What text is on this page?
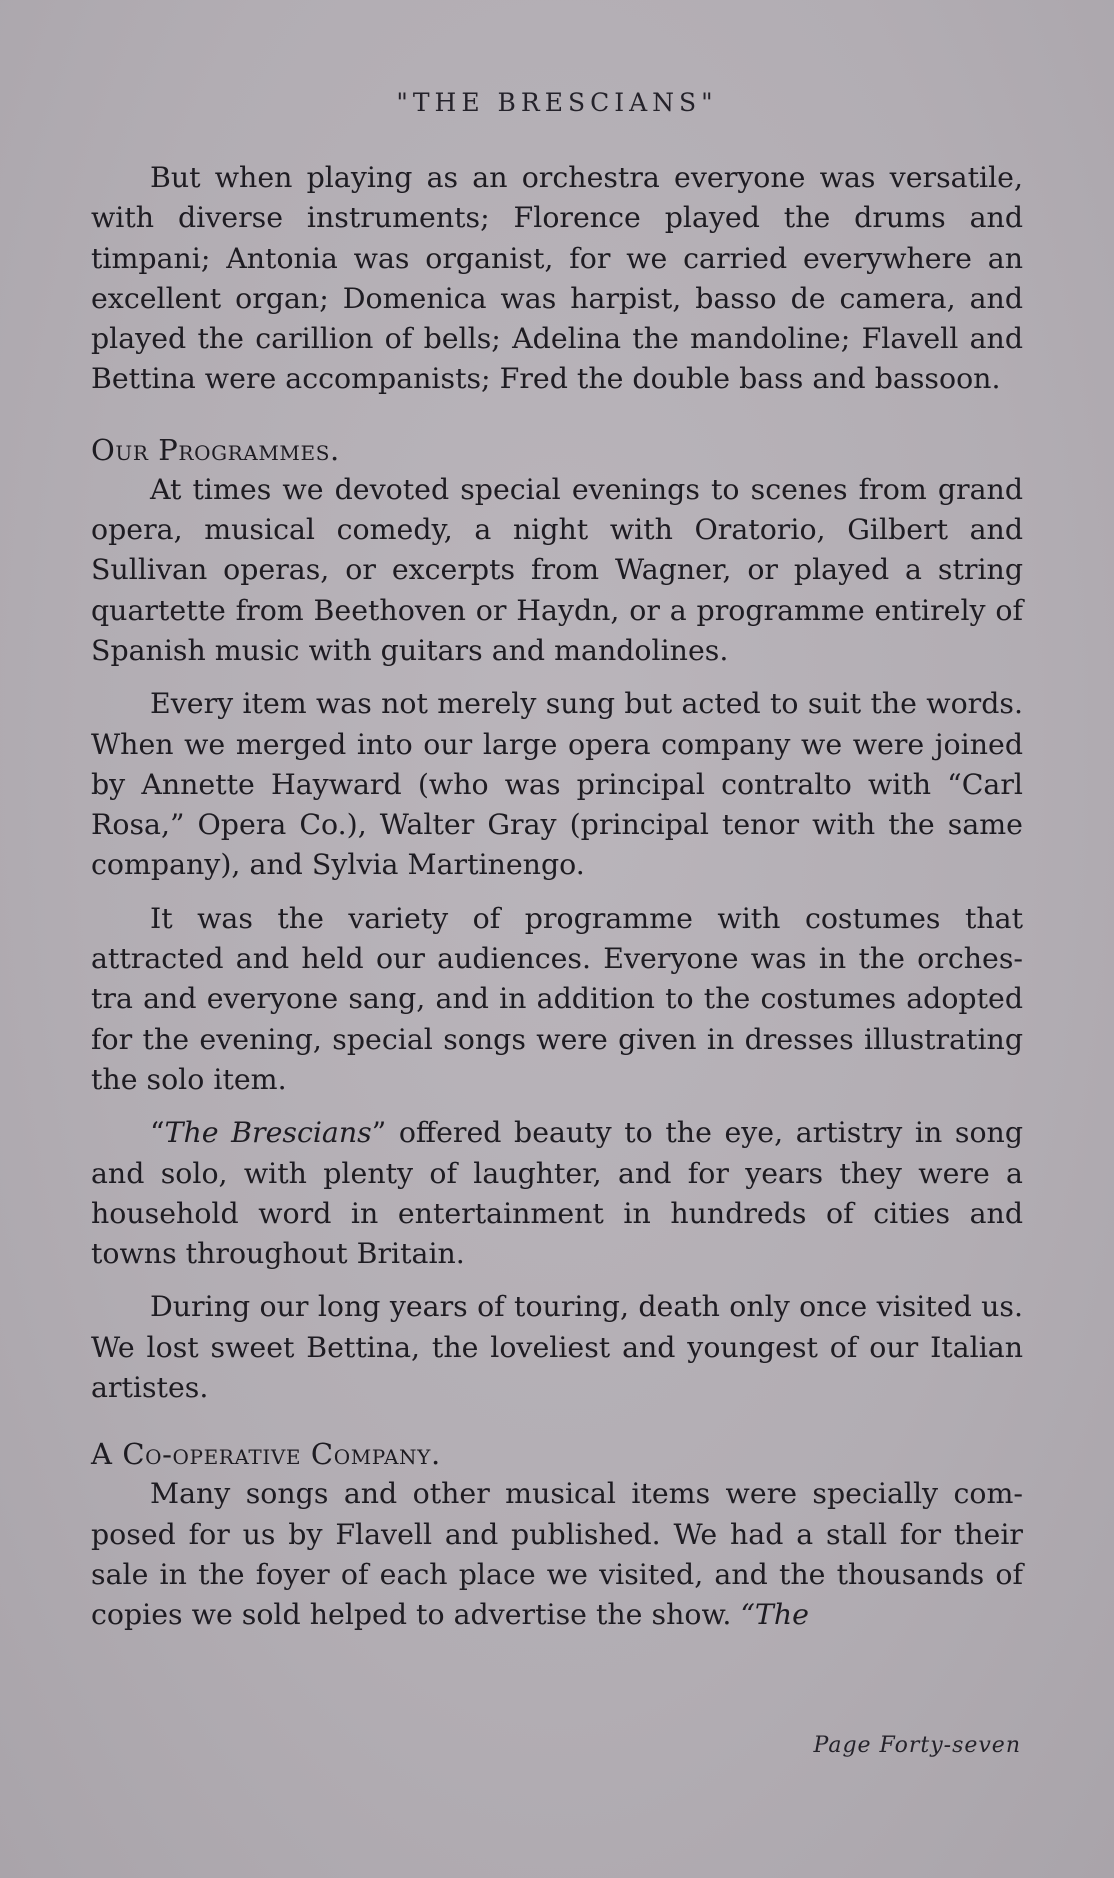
"THE BRESCIANS"

But when playing as an orchestra everyone was versatile, with diverse instruments; Florence played the drums and timpani; Antonia was organist, for we carried everywhere an excellent organ; Domenica was harpist, basso de camera, and played the carillion of bells; Adelina the mandoline; Flavell and Bettina were accompanists; Fred the double bass and bassoon.

Our Programmes.

At times we devoted special evenings to scenes from grand opera, musical comedy, a night with Oratorio, Gilbert and Sullivan operas, or excerpts from Wagner, or played a string quartette from Beethoven or Haydn, or a programme entirely of Spanish music with guitars and mandolines.

Every item was not merely sung but acted to suit the words. When we merged into our large opera company we were joined by Annette Hayward (who was principal contralto with “Carl Rosa,” Opera Co.), Walter Gray (principal tenor with the same company), and Sylvia Martinengo.

It was the variety of programme with costumes that attracted and held our audiences. Everyone was in the orchestra and everyone sang, and in addition to the costumes adopted for the evening, special songs were given in dresses illustrating the solo item.

“The Brescians” offered beauty to the eye, artistry in song and solo, with plenty of laughter, and for years they were a household word in entertainment in hundreds of cities and towns throughout Britain.

During our long years of touring, death only once visited us. We lost sweet Bettina, the loveliest and youngest of our Italian artistes.

A Co-operative Company.

Many songs and other musical items were specially composed for us by Flavell and published. We had a stall for their sale in the foyer of each place we visited, and the thousands of copies we sold helped to advertise the show. “The

Page Forty-seven
